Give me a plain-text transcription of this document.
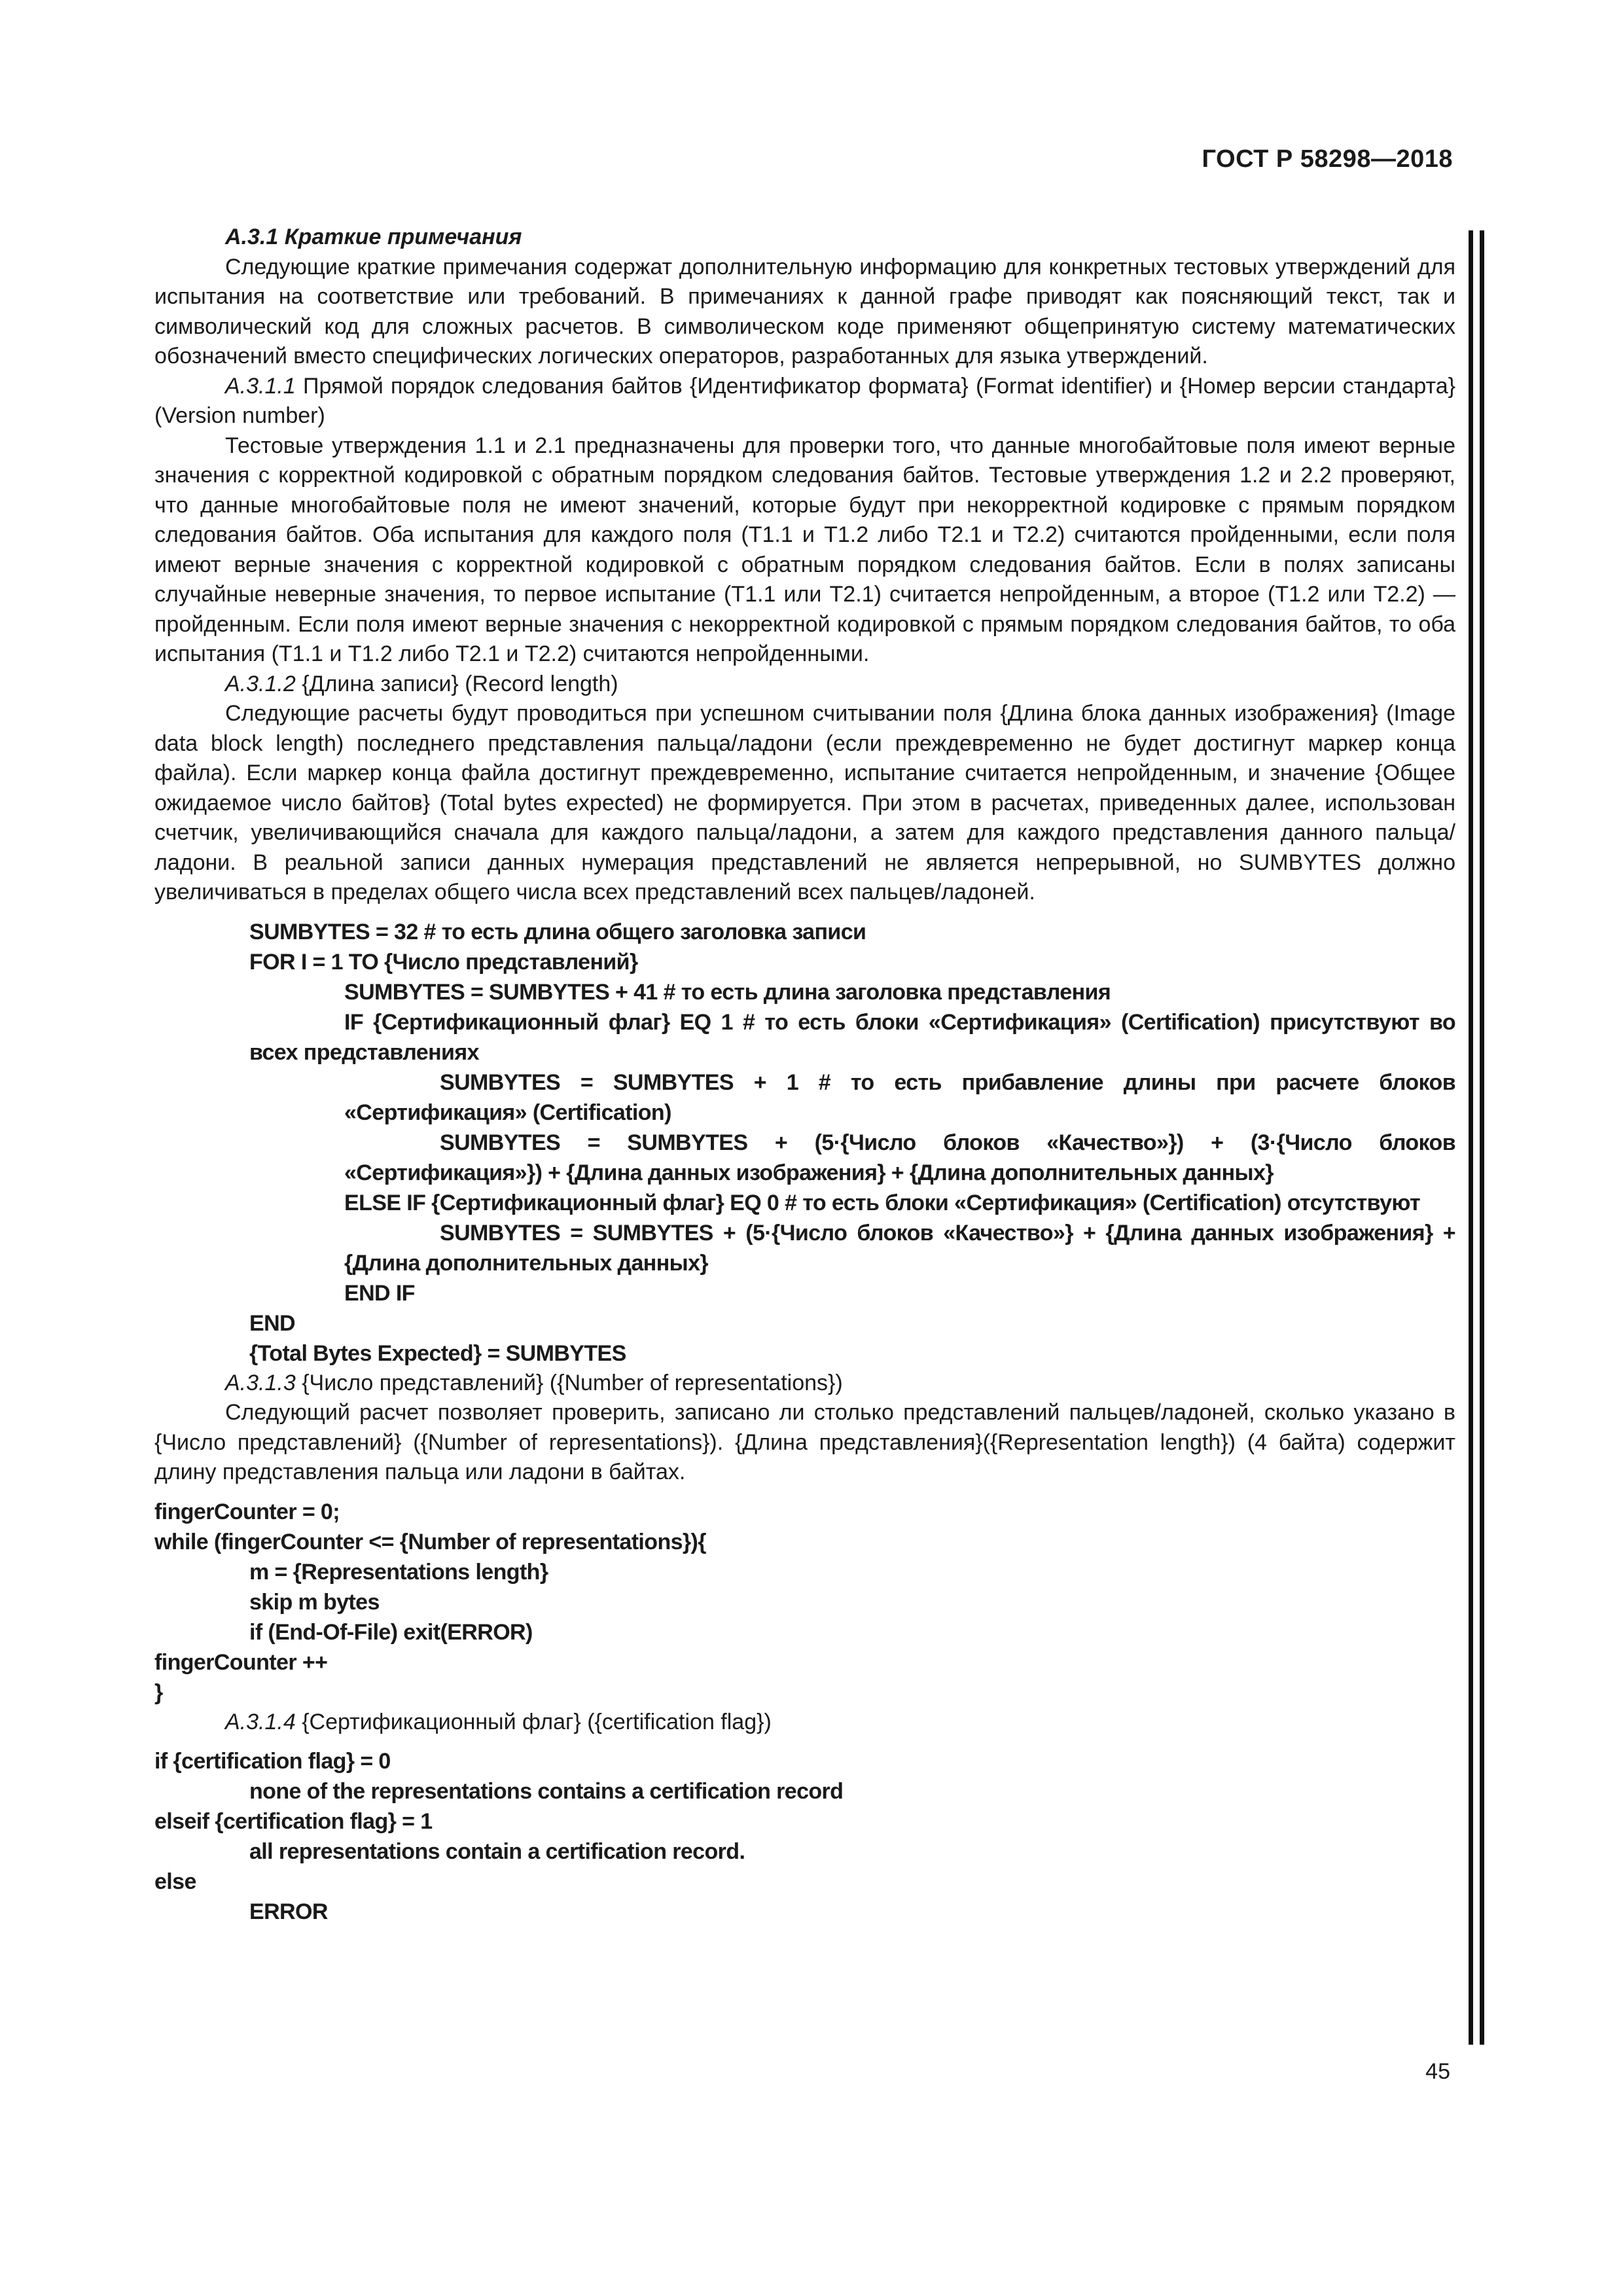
ГОСТ Р 58298—2018

А.3.1 Краткие примечания

Следующие краткие примечания содержат дополнительную информацию для конкретных тестовых утверждений для испытания на соответствие или требований. В примечаниях к данной графе приводят как поясняющий текст, так и символический код для сложных расчетов. В символическом коде применяют общепринятую систему математических обозначений вместо специфических логических операторов, разработанных для языка утверждений.

А.3.1.1 Прямой порядок следования байтов {Идентификатор формата} (Format identifier) и {Номер версии стандарта} (Version number)

Тестовые утверждения 1.1 и 2.1 предназначены для проверки того, что данные многобайтовые поля имеют верные значения с корректной кодировкой с обратным порядком следования байтов. Тестовые утверждения 1.2 и 2.2 проверяют, что данные многобайтовые поля не имеют значений, которые будут при некорректной кодировке с прямым порядком следования байтов. Оба испытания для каждого поля (Т1.1 и Т1.2 либо Т2.1 и Т2.2) считаются пройденными, если поля имеют верные значения с корректной кодировкой с обратным порядком следования байтов. Если в полях записаны случайные неверные значения, то первое испытание (Т1.1 или Т2.1) считается непройденным, а второе (Т1.2 или Т2.2) — пройденным. Если поля имеют верные значения с некорректной кодировкой с прямым порядком следования байтов, то оба испытания (Т1.1 и Т1.2 либо Т2.1 и Т2.2) считаются непройденными.

А.3.1.2 {Длина записи} (Record length)

Следующие расчеты будут проводиться при успешном считывании поля {Длина блока данных изображения} (Image data block length) последнего представления пальца/ладони (если преждевременно не будет достигнут маркер конца файла). Если маркер конца файла достигнут преждевременно, испытание считается непройденным, и значение {Общее ожидаемое число байтов} (Total bytes expected) не формируется. При этом в расчетах, приведенных далее, использован счетчик, увеличивающийся сначала для каждого пальца/ладони, а затем для каждого представления данного пальца/ладони. В реальной записи данных нумерация представлений не является непрерывной, но SUMBYTES должно увеличиваться в пределах общего числа всех представлений всех пальцев/ладоней.

SUMBYTES = 32 # то есть длина общего заголовка записи
FOR I = 1 TO {Число представлений}
SUMBYTES = SUMBYTES + 41 # то есть длина заголовка представления
IF {Сертификационный флаг} EQ 1 # то есть блоки «Сертификация» (Certification) присутствуют во всех представлениях
SUMBYTES = SUMBYTES + 1 # то есть прибавление длины при расчете блоков «Сертификация» (Certification)
SUMBYTES = SUMBYTES + (5·{Число блоков «Качество»}) + (3·{Число блоков «Сертификация»}) + {Длина данных изображения} + {Длина дополнительных данных}
ELSE IF {Сертификационный флаг} EQ 0 # то есть блоки «Сертификация» (Certification) отсутствуют
SUMBYTES = SUMBYTES + (5·{Число блоков «Качество»} + {Длина данных изображения} + {Длина дополнительных данных}
END IF
END
{Total Bytes Expected} = SUMBYTES

А.3.1.3 {Число представлений} ({Number of representations})

Следующий расчет позволяет проверить, записано ли столько представлений пальцев/ладоней, сколько указано в {Число представлений} ({Number of representations}). {Длина представления}({Representation length}) (4 байта) содержит длину представления пальца или ладони в байтах.

fingerCounter = 0;
while (fingerCounter <= {Number of representations}){
m = {Representations length}
skip m bytes
if (End-Of-File) exit(ERROR)
fingerCounter ++
}

А.3.1.4 {Сертификационный флаг} ({certification flag})

if {certification flag} = 0
none of the representations contains a certification record
elseif {certification flag} = 1
all representations contain a certification record.
else
ERROR
45
